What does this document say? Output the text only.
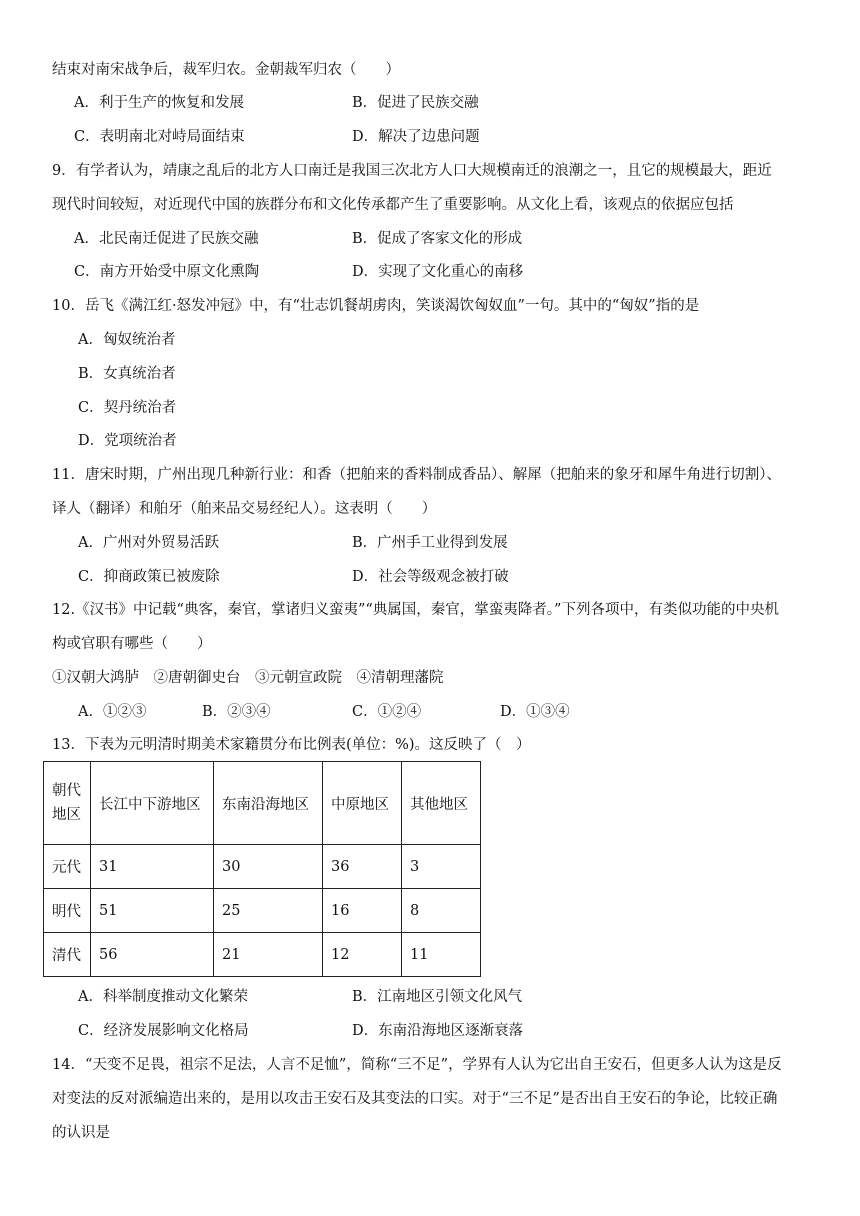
结束对南宋战争后，裁军归农。金朝裁军归农（　　）
A．利于生产的恢复和发展	B．促进了民族交融
C．表明南北对峙局面结束	D．解决了边患问题
9．有学者认为，靖康之乱后的北方人口南迁是我国三次北方人口大规模南迁的浪潮之一，且它的规模最大，距近
现代时间较短，对近现代中国的族群分布和文化传承都产生了重要影响。从文化上看，该观点的依据应包括
A．北民南迁促进了民族交融	B．促成了客家文化的形成
C．南方开始受中原文化熏陶	D．实现了文化重心的南移
10．岳飞《满江红·怒发冲冠》中，有“壮志饥餐胡虏肉，笑谈渴饮匈奴血”一句。其中的“匈奴”指的是
A．匈奴统治者
B．女真统治者
C．契丹统治者
D．党项统治者
11．唐宋时期，广州出现几种新行业：和香（把舶来的香料制成香品）、解犀（把舶来的象牙和犀牛角进行切割）、
译人（翻译）和舶牙（舶来品交易经纪人）。这表明（　　）
A．广州对外贸易活跃	B．广州手工业得到发展
C．抑商政策已被废除	D．社会等级观念被打破
12.《汉书》中记载“典客，秦官，掌诸归义蛮夷”“典属国，秦官，掌蛮夷降者。”下列各项中，有类似功能的中央机
构或官职有哪些（　　）
①汉朝大鸿胪　②唐朝御史台　③元朝宣政院　④清朝理藩院
A．①②③	B．②③④	C．①②④	D．①③④
13．下表为元明清时期美术家籍贯分布比例表(单位：%)。这反映了（　）
朝代
地区	长江中下游地区	东南沿海地区	中原地区	其他地区
元代	31	30	36	3
明代	51	25	16	8
清代	56	21	12	11
A．科举制度推动文化繁荣	B．江南地区引领文化风气
C．经济发展影响文化格局	D．东南沿海地区逐渐衰落
14．“天变不足畏，祖宗不足法，人言不足恤”，简称“三不足”，学界有人认为它出自王安石，但更多人认为这是反
对变法的反对派编造出来的，是用以攻击王安石及其变法的口实。对于“三不足”是否出自王安石的争论，比较正确
的认识是
